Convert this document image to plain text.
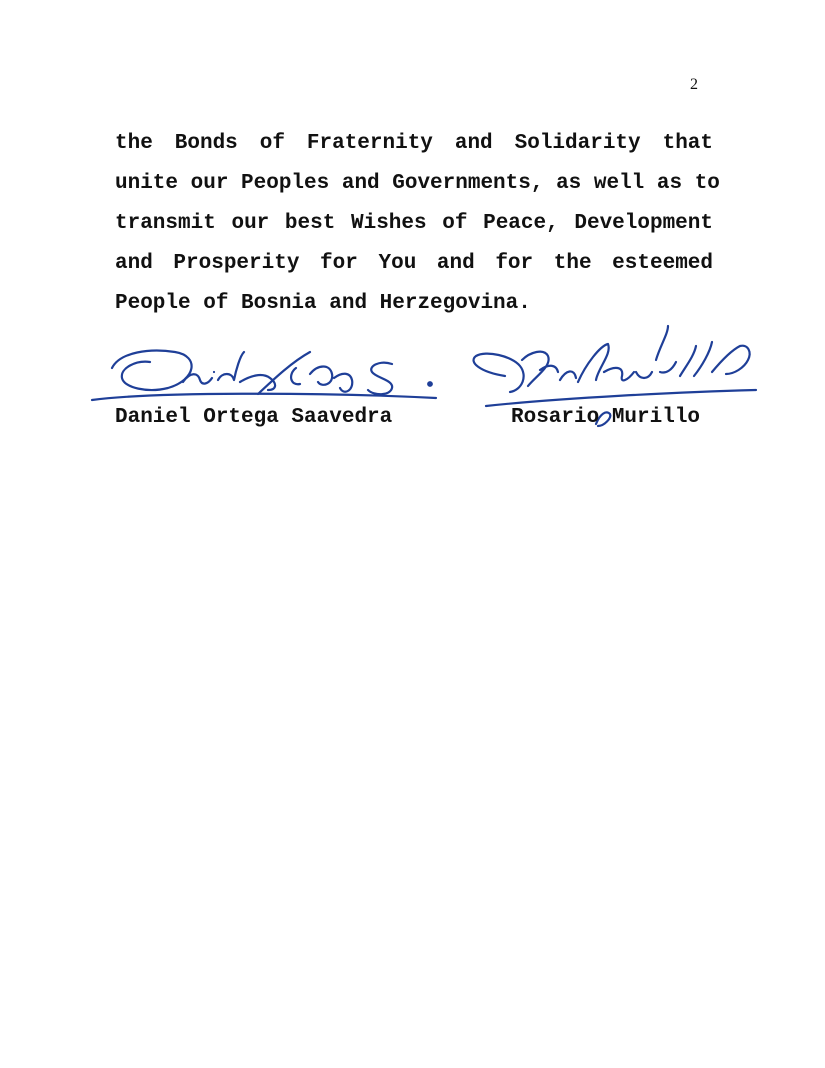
2
the Bonds of Fraternity and Solidarity that
unite our Peoples and Governments, as well as to
transmit our best Wishes of Peace, Development
and Prosperity for You and for the esteemed
People of Bosnia and Herzegovina.
Daniel Ortega Saavedra	Rosario Murillo
